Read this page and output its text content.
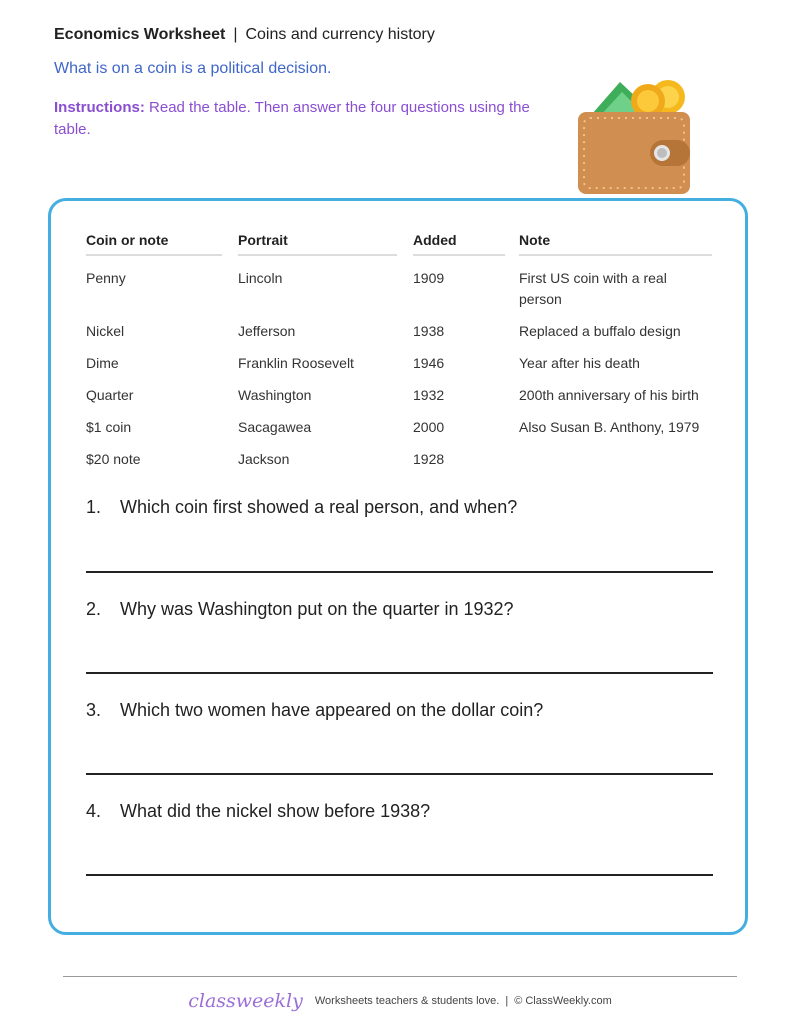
Economics Worksheet | Coins and currency history
What is on a coin is a political decision.
Instructions: Read the table. Then answer the four questions using the table.
Coin or note	Portrait	Added	Note

Penny	Lincoln	1909	First US coin with a real person

Nickel	Jefferson	1938	Replaced a buffalo design

Dime	Franklin Roosevelt	1946	Year after his death

Quarter	Washington	1932	200th anniversary of his birth

$1 coin	Sacagawea	2000	Also Susan B. Anthony, 1979

$20 note	Jackson	1928	

1. Which coin first showed a real person, and when?
2. Why was Washington put on the quarter in 1932?
3. Which two women have appeared on the dollar coin?
4. What did the nickel show before 1938?
classweekly Worksheets teachers & students love. | © ClassWeekly.com
